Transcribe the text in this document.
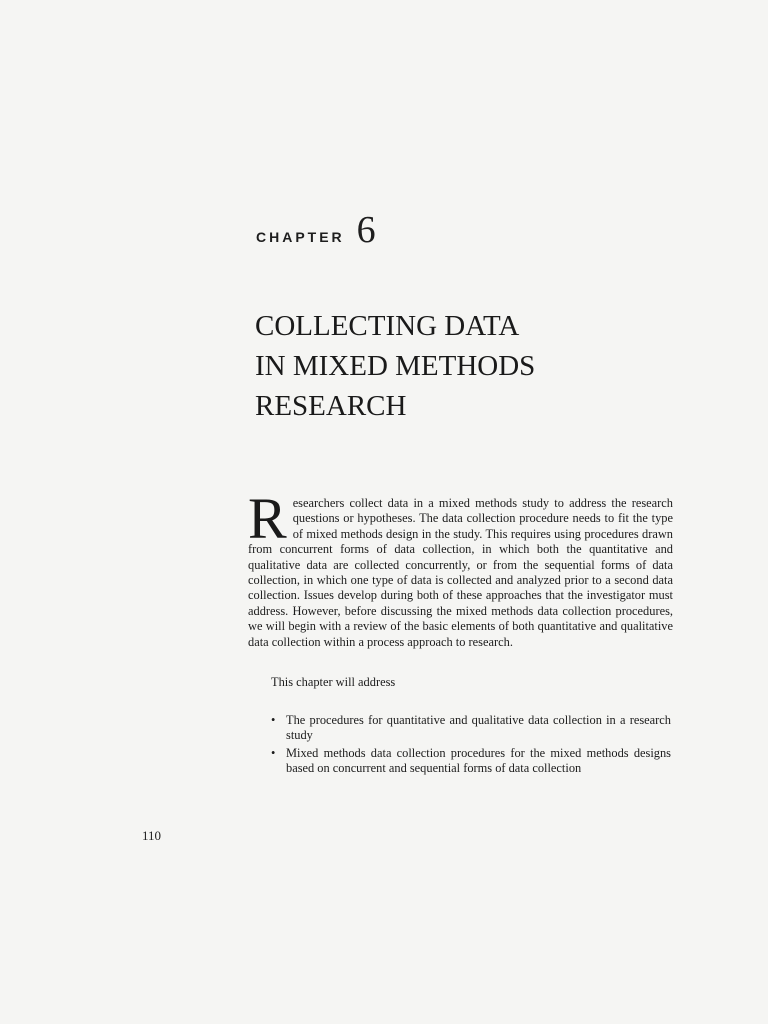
CHAPTER 6
COLLECTING DATA
IN MIXED METHODS
RESEARCH
Researchers collect data in a mixed methods study to address the research questions or hypotheses. The data collection procedure needs to fit the type of mixed methods design in the study. This requires using procedures drawn from concurrent forms of data collection, in which both the quantitative and qualitative data are collected concurrently, or from the sequential forms of data collection, in which one type of data is collected and analyzed prior to a second data collection. Issues develop during both of these approaches that the investigator must address. However, before discussing the mixed methods data collection procedures, we will begin with a review of the basic elements of both quantitative and qualitative data collection within a process approach to research.
This chapter will address
• The procedures for quantitative and qualitative data collection in a research study
• Mixed methods data collection procedures for the mixed methods designs based on concurrent and sequential forms of data collection
110
